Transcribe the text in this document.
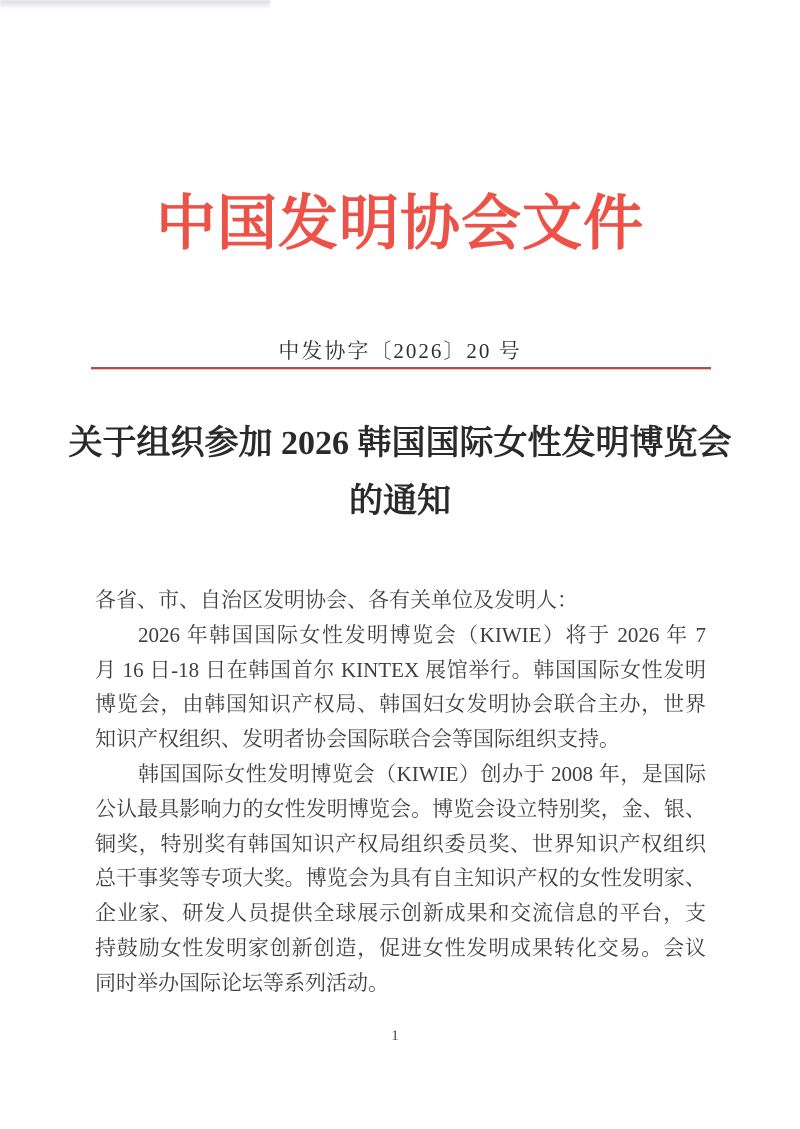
中国发明协会文件
中发协字〔2026〕20 号
关于组织参加 2026 韩国国际女性发明博览会
的通知
各省、市、自治区发明协会、各有关单位及发明人：
2026 年韩国国际女性发明博览会（KIWIE）将于 2026 年 7
月 16 日-18 日在韩国首尔 KINTEX 展馆举行。韩国国际女性发明
博览会，由韩国知识产权局、韩国妇女发明协会联合主办，世界
知识产权组织、发明者协会国际联合会等国际组织支持。
韩国国际女性发明博览会（KIWIE）创办于 2008 年，是国际
公认最具影响力的女性发明博览会。博览会设立特别奖，金、银、
铜奖，特别奖有韩国知识产权局组织委员奖、世界知识产权组织
总干事奖等专项大奖。博览会为具有自主知识产权的女性发明家、
企业家、研发人员提供全球展示创新成果和交流信息的平台，支
持鼓励女性发明家创新创造，促进女性发明成果转化交易。会议
同时举办国际论坛等系列活动。
1
